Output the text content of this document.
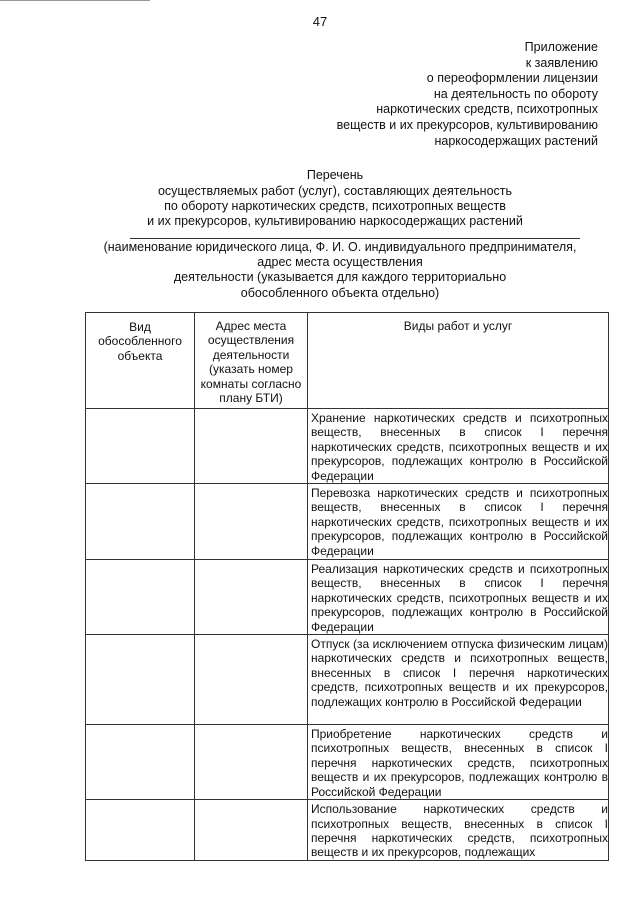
47
Приложение
к заявлению
о переоформлении лицензии
на деятельность по обороту
наркотических средств, психотропных
веществ и их прекурсоров, культивированию
наркосодержащих растений
Перечень
осуществляемых работ (услуг), составляющих деятельность
по обороту наркотических средств, психотропных веществ
и их прекурсоров, культивированию наркосодержащих растений
(наименование юридического лица, Ф. И. О. индивидуального предпринимателя,
адрес места осуществления
деятельности (указывается для каждого территориально
обособленного объекта отдельно)
Вид обособленного объекта	Адрес места осуществления деятельности (указать номер комнаты согласно плану БТИ)	Виды работ и услуг
		Хранение наркотических средств и психотропных веществ, внесенных в список I перечня наркотических средств, психотропных веществ и их прекурсоров, подлежащих контролю в Российской Федерации
		Перевозка наркотических средств и психотропных веществ, внесенных в список I перечня наркотических средств, психотропных веществ и их прекурсоров, подлежащих контролю в Российской Федерации
		Реализация наркотических средств и психотропных веществ, внесенных в список I перечня наркотических средств, психотропных веществ и их прекурсоров, подлежащих контролю в Российской Федерации
		Отпуск (за исключением отпуска физическим лицам) наркотических средств и психотропных веществ, внесенных в список I перечня наркотических средств, психотропных веществ и их прекурсоров, подлежащих контролю в Российской Федерации
		Приобретение наркотических средств и психотропных веществ, внесенных в список I перечня наркотических средств, психотропных веществ и их прекурсоров, подлежащих контролю в Российской Федерации
		Использование наркотических средств и психотропных веществ, внесенных в список I перечня наркотических средств, психотропных веществ и их прекурсоров, подлежащих
